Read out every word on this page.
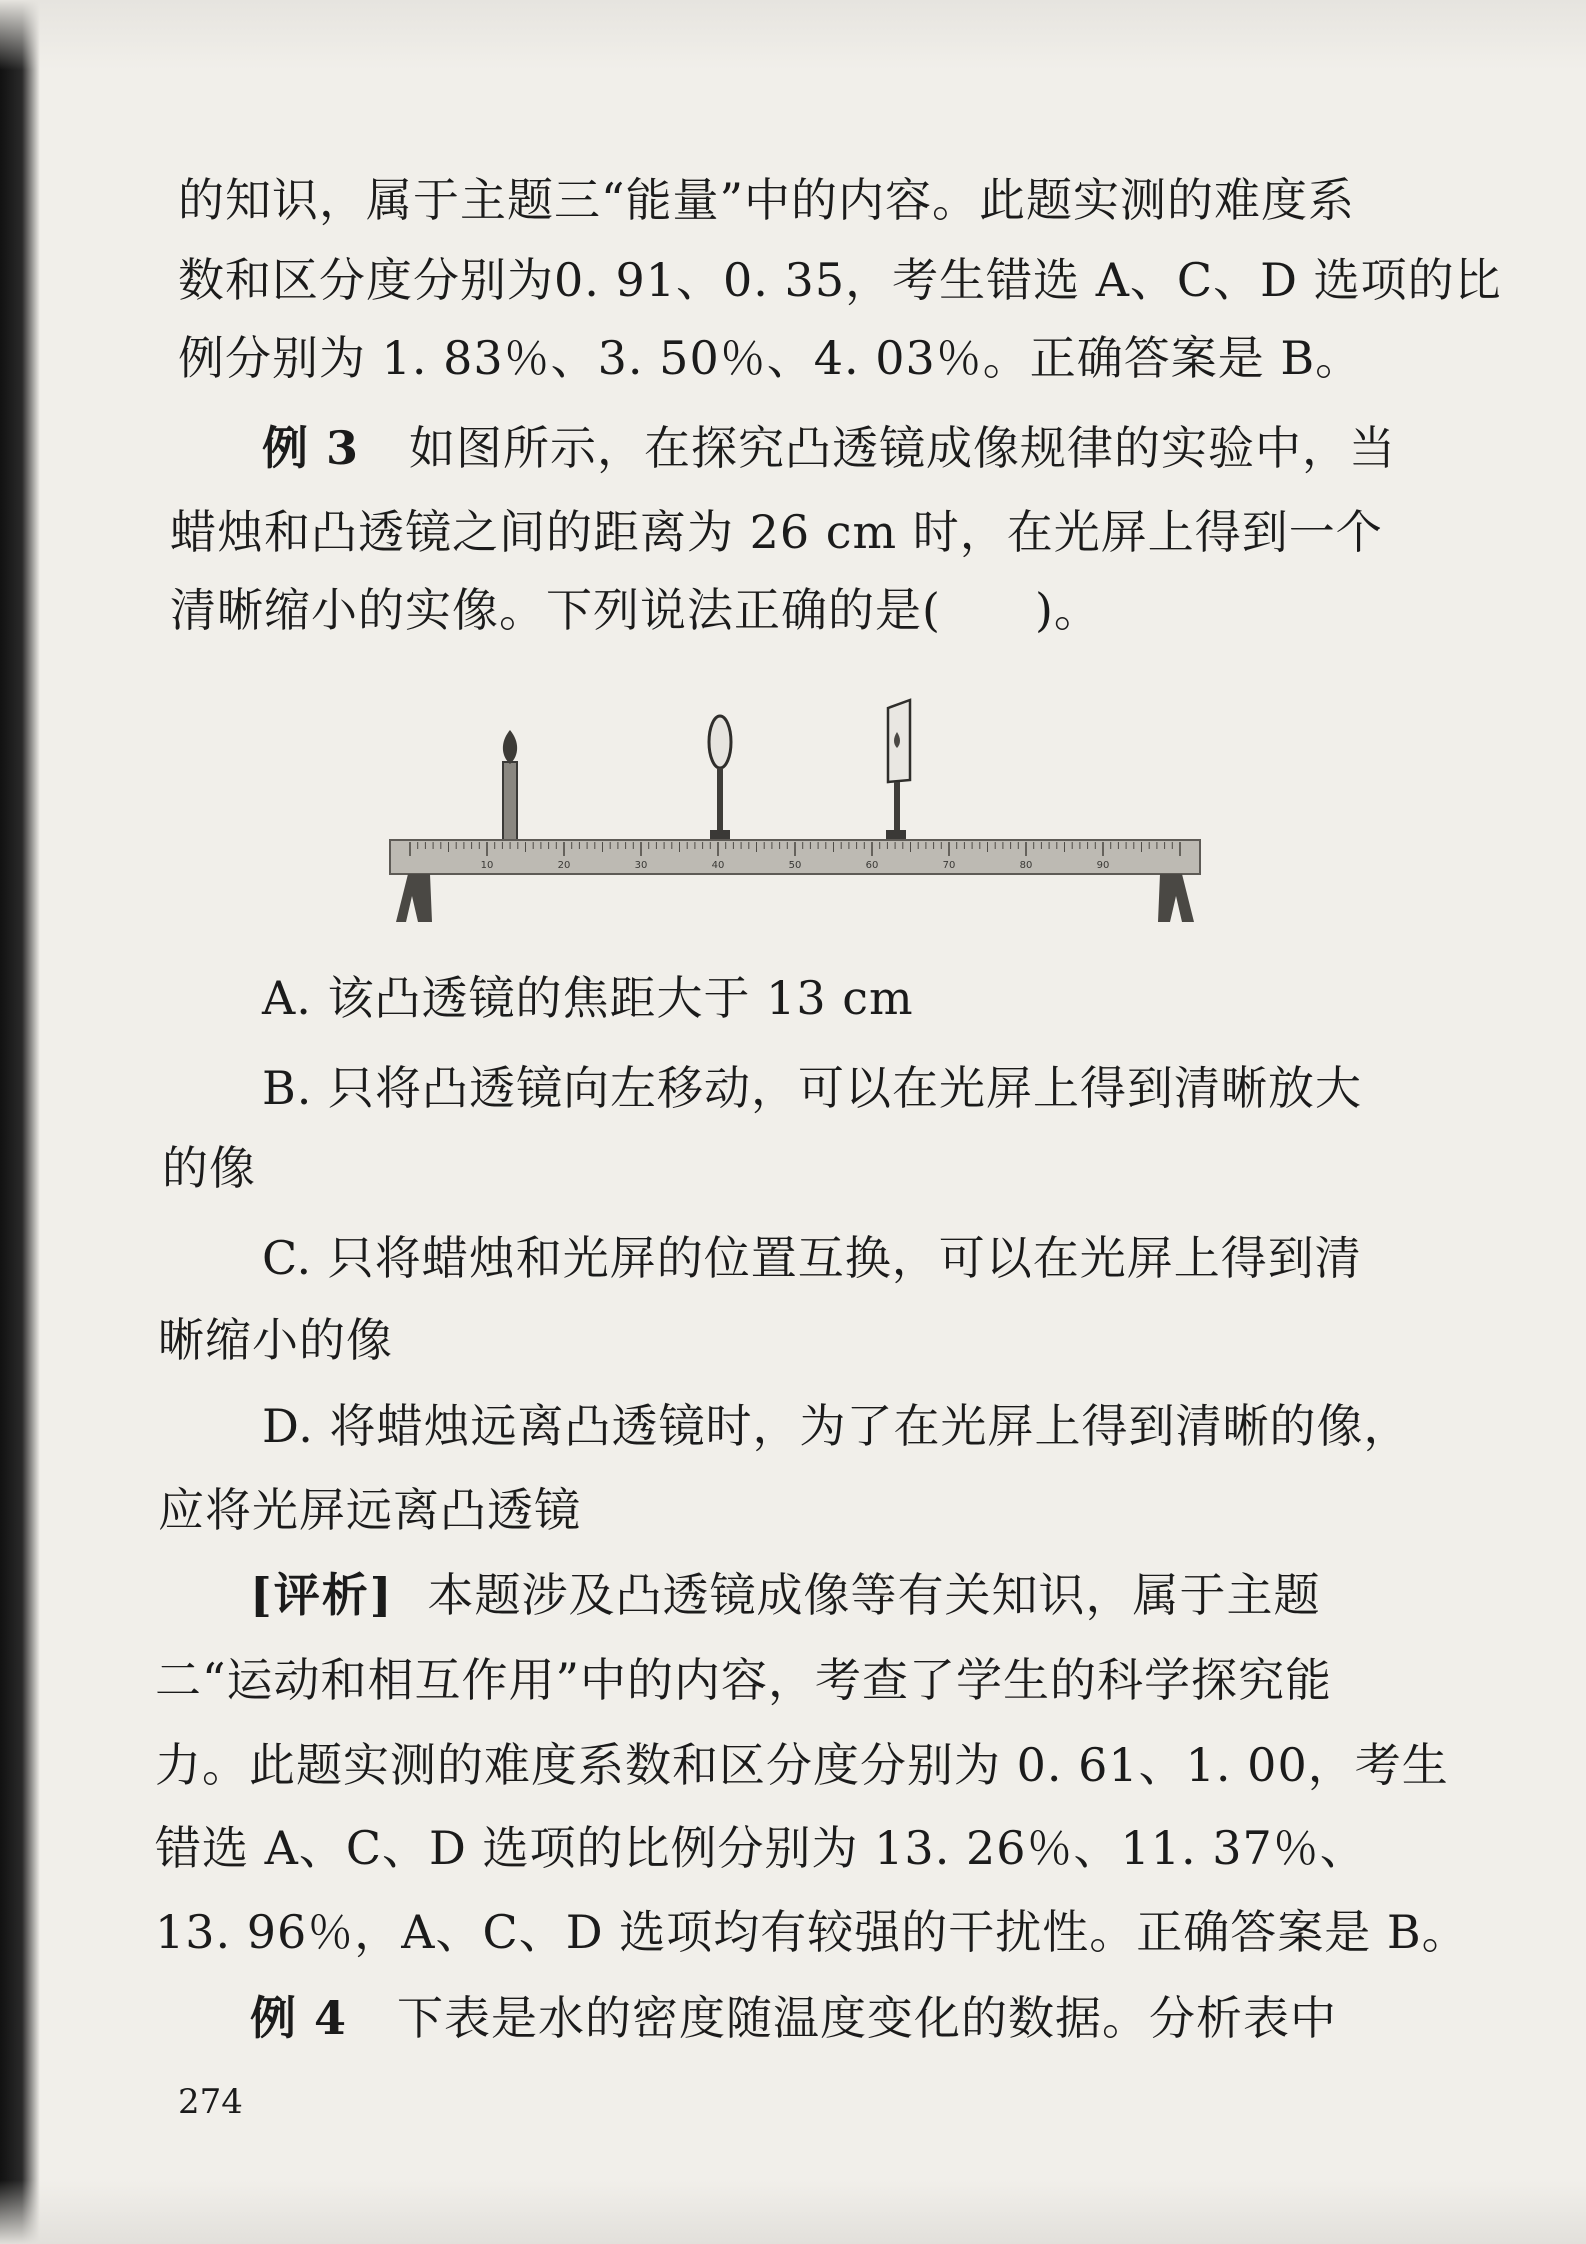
的知识，属于主题三“能量”中的内容。此题实测的难度系
数和区分度分别为0. 91、0. 35，考生错选 A、C、D 选项的比
例分别为 1. 83％、3. 50％、4. 03％。正确答案是 B。
例 3 如图所示，在探究凸透镜成像规律的实验中，当
蜡烛和凸透镜之间的距离为 26 cm 时，在光屏上得到一个
清晰缩小的实像。下列说法正确的是(　　)。
10	20	30	40	50	60	70	80	90
A. 该凸透镜的焦距大于 13 cm
B. 只将凸透镜向左移动，可以在光屏上得到清晰放大
的像
C. 只将蜡烛和光屏的位置互换，可以在光屏上得到清
晰缩小的像
D. 将蜡烛远离凸透镜时，为了在光屏上得到清晰的像，
应将光屏远离凸透镜
[评析] 本题涉及凸透镜成像等有关知识，属于主题
二“运动和相互作用”中的内容，考查了学生的科学探究能
力。此题实测的难度系数和区分度分别为 0. 61、1. 00，考生
错选 A、C、D 选项的比例分别为 13. 26％、11. 37％、
13. 96％，A、C、D 选项均有较强的干扰性。正确答案是 B。
例 4 下表是水的密度随温度变化的数据。分析表中
274
